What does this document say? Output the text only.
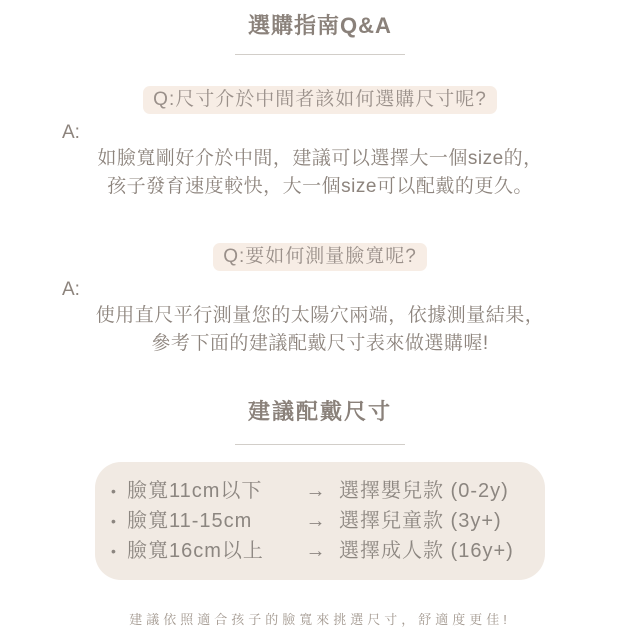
選購指南Q&A
Q:尺寸介於中間者該如何選購尺寸呢?
A:
如臉寬剛好介於中間，建議可以選擇大一個size的，
孩子發育速度較快，大一個size可以配戴的更久。
Q:要如何測量臉寬呢?
A:
使用直尺平行測量您的太陽穴兩端，依據測量結果，
參考下面的建議配戴尺寸表來做選購喔!
建議配戴尺寸
• 臉寬11cm以下	→ 選擇嬰兒款 (0-2y)
• 臉寬11-15cm	→ 選擇兒童款 (3y+)
• 臉寬16cm以上	→ 選擇成人款 (16y+)
建議依照適合孩子的臉寬來挑選尺寸，舒適度更佳!
